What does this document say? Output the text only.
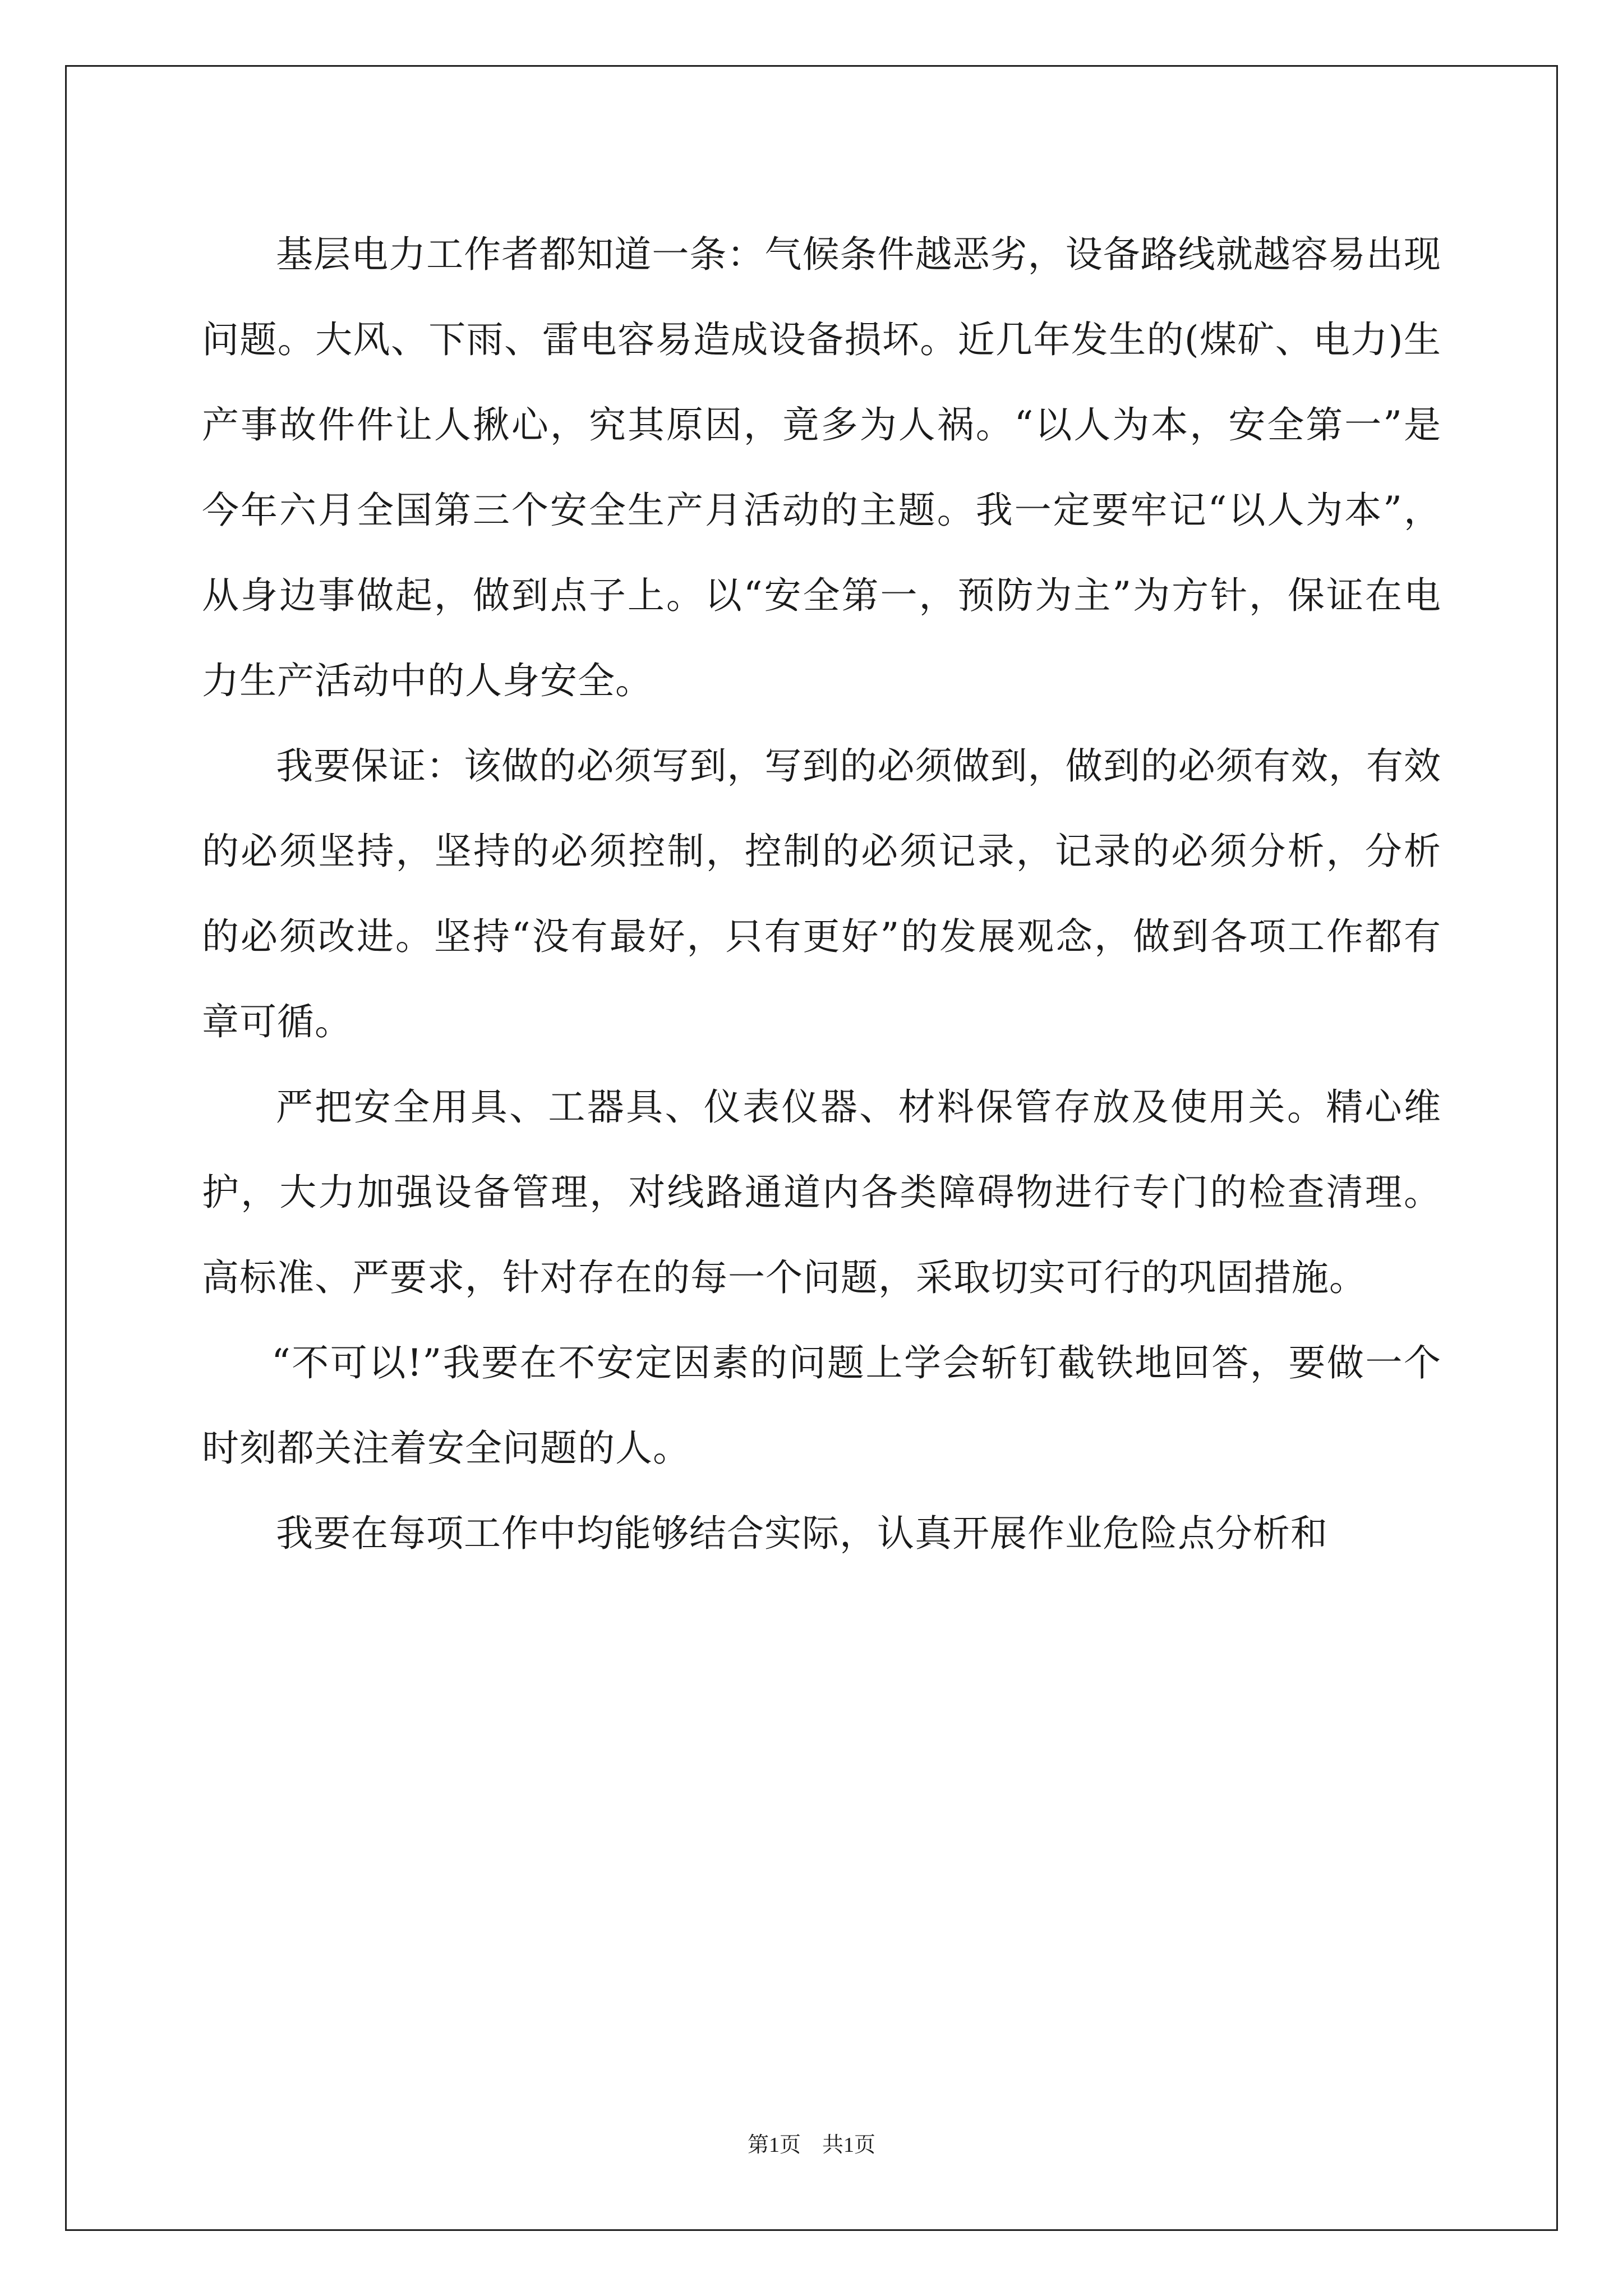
基层电力工作者都知道一条：气候条件越恶劣，设备路线就越容易出现问题。大风、下雨、雷电容易造成设备损坏。近几年发生的(煤矿、电力)生产事故件件让人揪心，究其原因，竟多为人祸。“以人为本，安全第一”是今年六月全国第三个安全生产月活动的主题。我一定要牢记“以人为本”，从身边事做起，做到点子上。以“安全第一，预防为主”为方针，保证在电力生产活动中的人身安全。

我要保证：该做的必须写到，写到的必须做到，做到的必须有效，有效的必须坚持，坚持的必须控制，控制的必须记录，记录的必须分析，分析的必须改进。坚持“没有最好，只有更好”的发展观念，做到各项工作都有章可循。

严把安全用具、工器具、仪表仪器、材料保管存放及使用关。精心维护，大力加强设备管理，对线路通道内各类障碍物进行专门的检查清理。高标准、严要求，针对存在的每一个问题，采取切实可行的巩固措施。

“不可以!”我要在不安定因素的问题上学会斩钉截铁地回答，要做一个时刻都关注着安全问题的人。

我要在每项工作中均能够结合实际，认真开展作业危险点分析和

第1页　共1页
